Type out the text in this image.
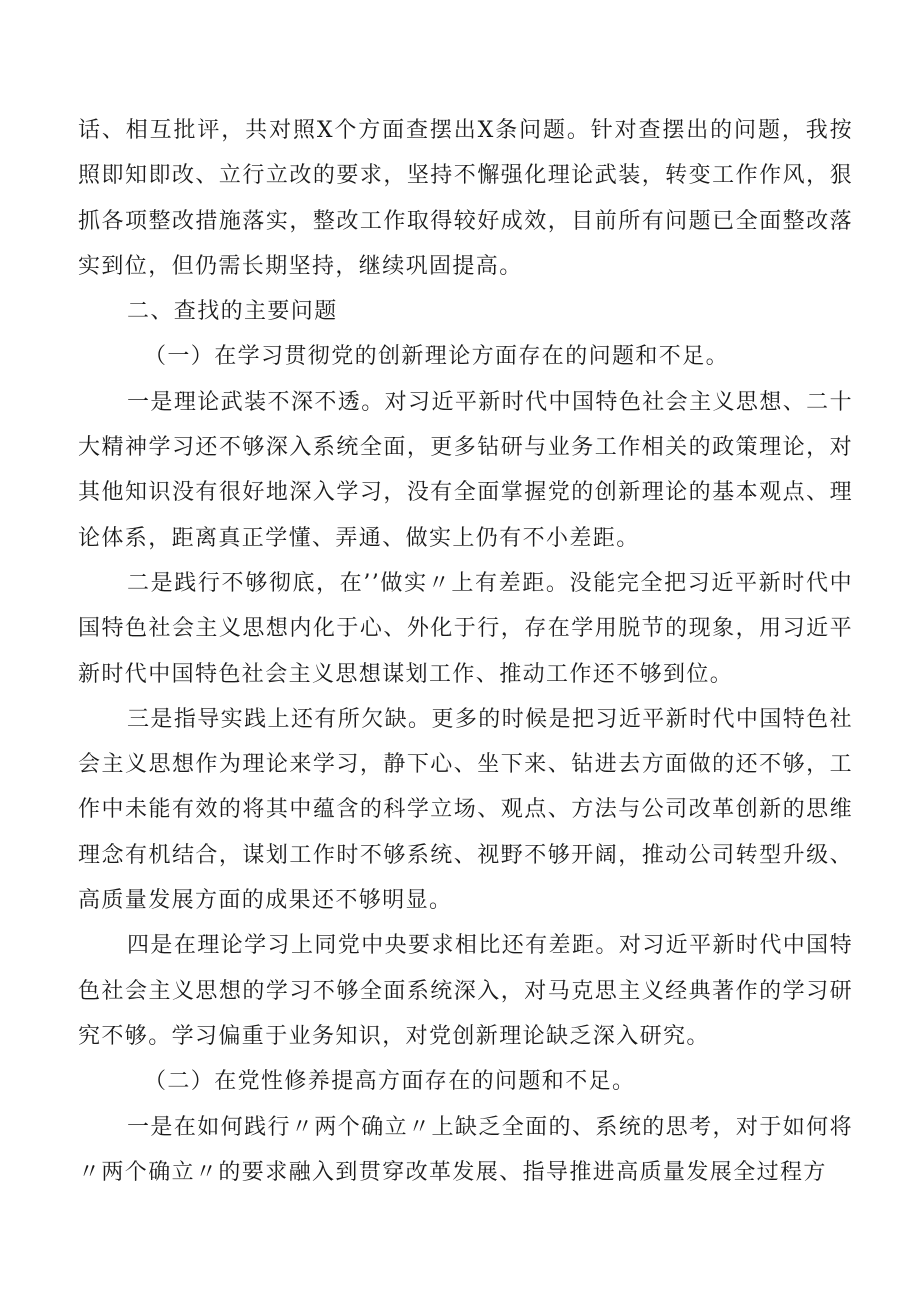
话、相互批评，共对照X个方面查摆出X条问题。针对查摆出的问题，我按照即知即改、立行立改的要求，坚持不懈强化理论武装，转变工作作风，狠抓各项整改措施落实，整改工作取得较好成效，目前所有问题已全面整改落实到位，但仍需长期坚持，继续巩固提高。

二、查找的主要问题

（一）在学习贯彻党的创新理论方面存在的问题和不足。

一是理论武装不深不透。对习近平新时代中国特色社会主义思想、二十大精神学习还不够深入系统全面，更多钻研与业务工作相关的政策理论，对其他知识没有很好地深入学习，没有全面掌握党的创新理论的基本观点、理论体系，距离真正学懂、弄通、做实上仍有不小差距。

二是践行不够彻底，在’’做实〃上有差距。没能完全把习近平新时代中国特色社会主义思想内化于心、外化于行，存在学用脱节的现象，用习近平新时代中国特色社会主义思想谋划工作、推动工作还不够到位。

三是指导实践上还有所欠缺。更多的时候是把习近平新时代中国特色社会主义思想作为理论来学习，静下心、坐下来、钻进去方面做的还不够，工作中未能有效的将其中蕴含的科学立场、观点、方法与公司改革创新的思维理念有机结合，谋划工作时不够系统、视野不够开阔，推动公司转型升级、高质量发展方面的成果还不够明显。

四是在理论学习上同党中央要求相比还有差距。对习近平新时代中国特色社会主义思想的学习不够全面系统深入，对马克思主义经典著作的学习研究不够。学习偏重于业务知识，对党创新理论缺乏深入研究。

（二）在党性修养提高方面存在的问题和不足。

一是在如何践行〃两个确立〃上缺乏全面的、系统的思考，对于如何将〃两个确立〃的要求融入到贯穿改革发展、指导推进高质量发展全过程方
